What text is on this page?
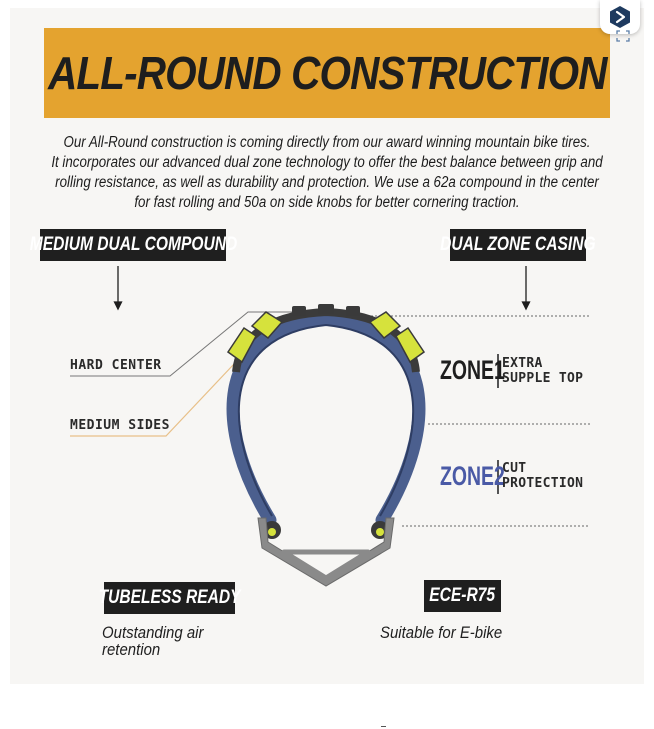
ALL-ROUND CONSTRUCTION
Our All-Round construction is coming directly from our award winning mountain bike tires.
It incorporates our advanced dual zone technology to offer the best balance between grip and
rolling resistance, as well as durability and protection. We use a 62a compound in the center
for fast rolling and 50a on side knobs for better cornering traction.
MEDIUM DUAL COMPOUND	DUAL ZONE CASING
HARD CENTER
MEDIUM SIDES
ZONE1
EXTRA
SUPPLE TOP
ZONE2
CUT
PROTECTION
TUBELESS READY	ECE-R75
Outstanding air
retention
Suitable for E-bike
